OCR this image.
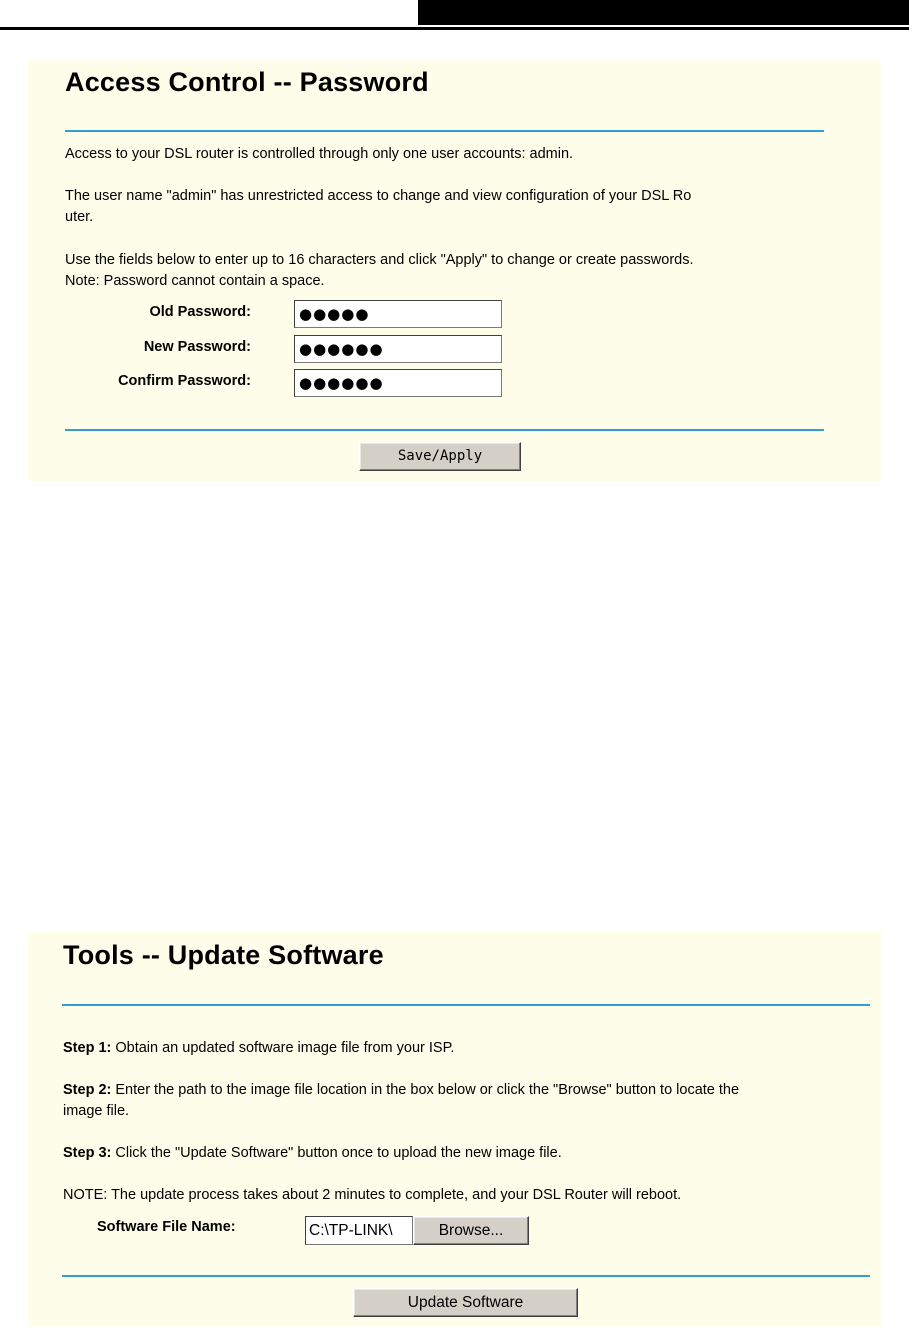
Access Control -- Password
Access to your DSL router is controlled through only one user accounts: admin.
The user name "admin" has unrestricted access to change and view configuration of your DSL Ro
uter.
Use the fields below to enter up to 16 characters and click "Apply" to change or create passwords.
Note: Password cannot contain a space.
Old Password:	●●●●●
New Password:	●●●●●●
Confirm Password:	●●●●●●
Save/Apply
Tools -- Update Software
Step 1: Obtain an updated software image file from your ISP.
Step 2: Enter the path to the image file location in the box below or click the "Browse" button to locate the
image file.
Step 3: Click the "Update Software" button once to upload the new image file.
NOTE: The update process takes about 2 minutes to complete, and your DSL Router will reboot.
Software File Name:	C:\TP-LINK\	Browse...
Update Software
